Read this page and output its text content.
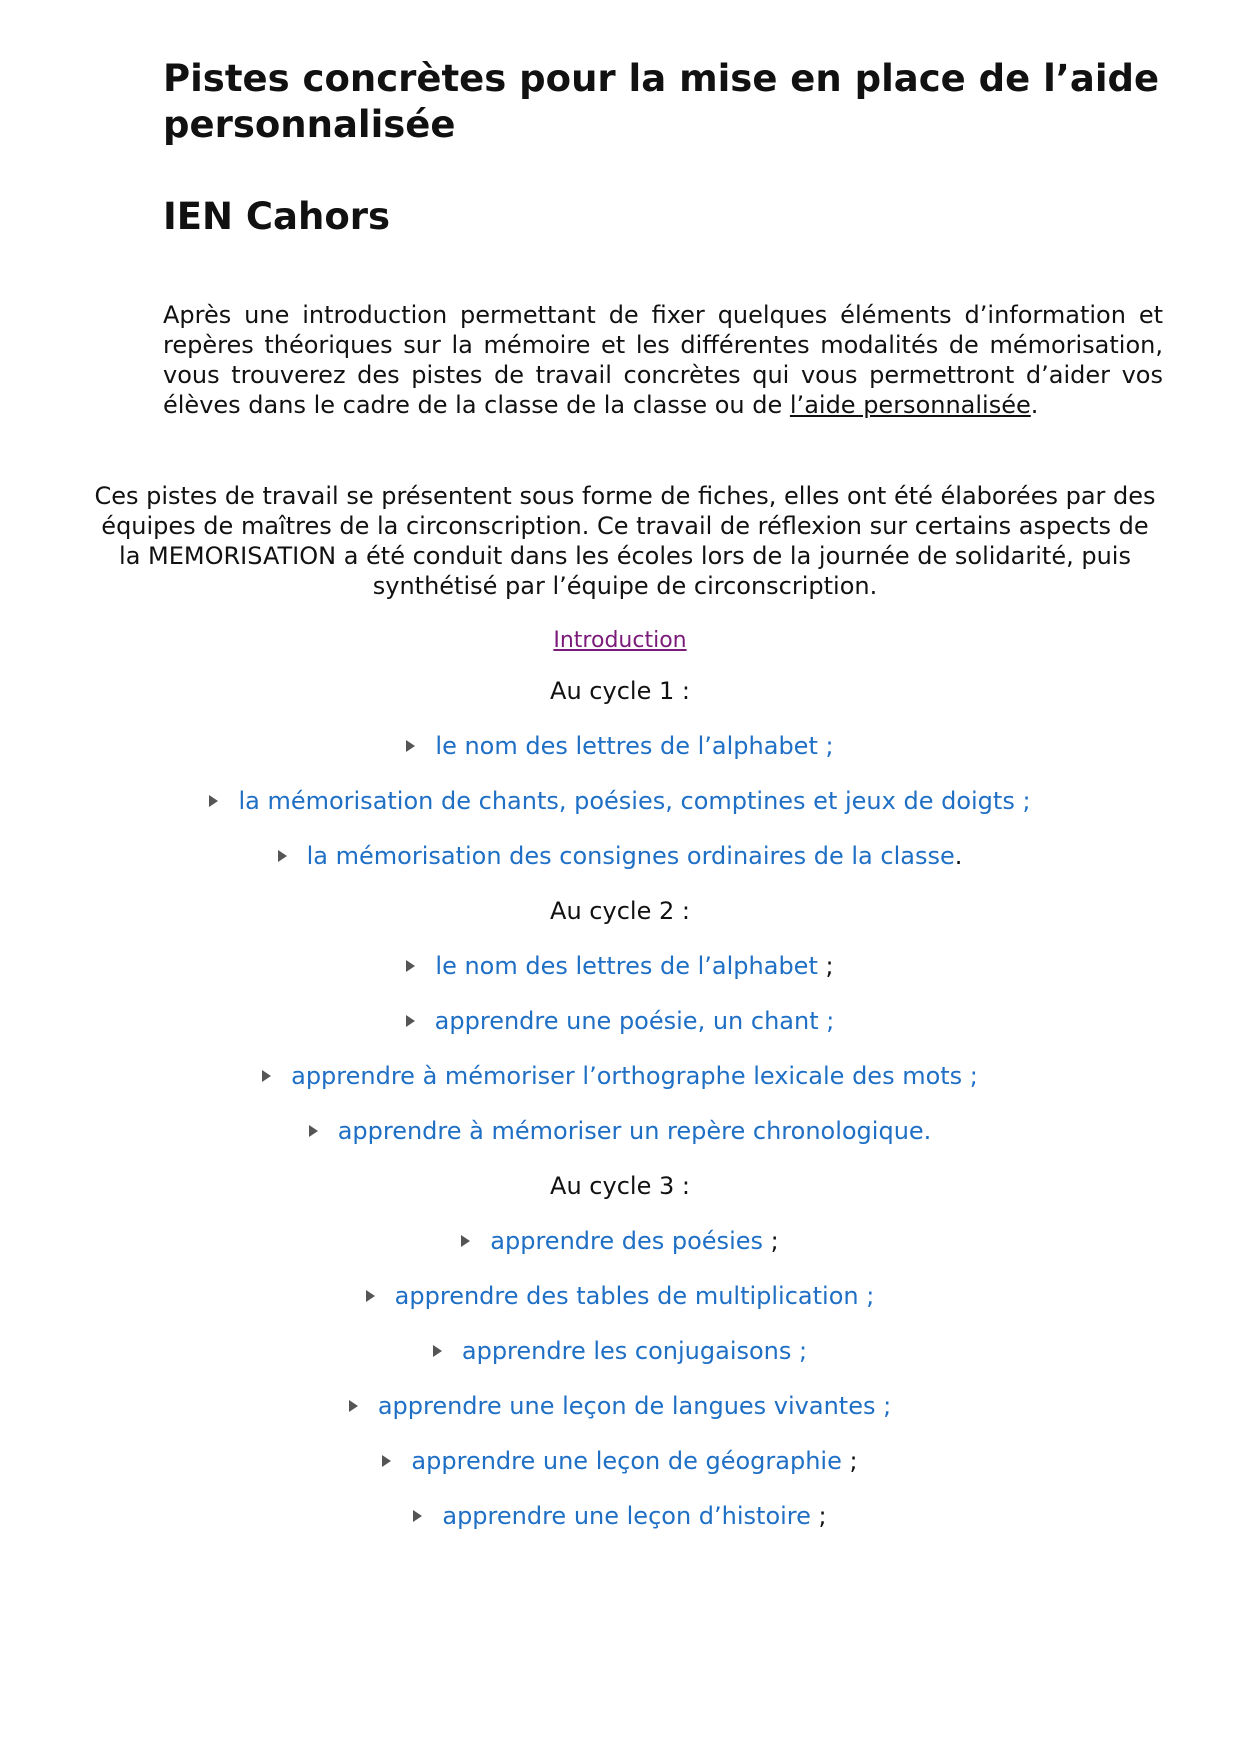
Pistes concrètes pour la mise en place de l’aide personnalisée
IEN Cahors

Après une introduction permettant de fixer quelques éléments d’information et repères théoriques sur la mémoire et les différentes modalités de mémorisation, vous trouverez des pistes de travail concrètes qui vous permettront d’aider vos élèves dans le cadre de la classe de la classe ou de l’aide personnalisée.

Ces pistes de travail se présentent sous forme de fiches, elles ont été élaborées par des équipes de maîtres de la circonscription. Ce travail de réflexion sur certains aspects de la MEMORISATION a été conduit dans les écoles lors de la journée de solidarité, puis synthétisé par l’équipe de circonscription.

Introduction
Au cycle 1 :
le nom des lettres de l’alphabet ;
la mémorisation de chants, poésies, comptines et jeux de doigts ;
la mémorisation des consignes ordinaires de la classe.
Au cycle 2 :
le nom des lettres de l’alphabet ;
apprendre une poésie, un chant ;
apprendre à mémoriser l’orthographe lexicale des mots ;
apprendre à mémoriser un repère chronologique.
Au cycle 3 :
apprendre des poésies ;
apprendre des tables de multiplication ;
apprendre les conjugaisons ;
apprendre une leçon de langues vivantes ;
apprendre une leçon de géographie ;
apprendre une leçon d’histoire ;
